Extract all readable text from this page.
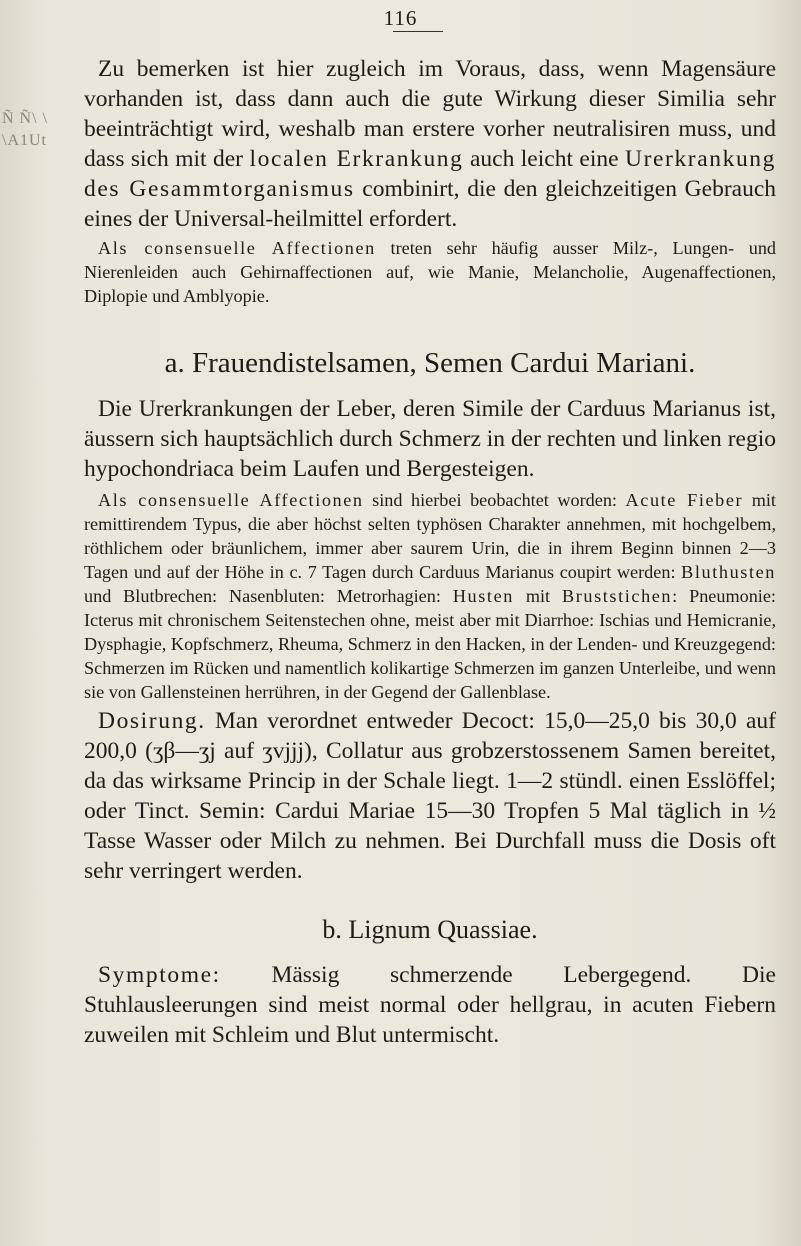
116
Ñ Ñ\ \ \A1Ut

Zu bemerken ist hier zugleich im Voraus, dass, wenn Magensäure vorhanden ist, dass dann auch die gute Wirkung dieser Similia sehr beeinträchtigt wird, weshalb man erstere vorher neutralisiren muss, und dass sich mit der localen Erkrankung auch leicht eine Urerkrankung des Gesammtorganismus combinirt, die den gleichzeitigen Gebrauch eines der Universal-heilmittel erfordert.

Als consensuelle Affectionen treten sehr häufig ausser Milz-, Lungen- und Nierenleiden auch Gehirnaffectionen auf, wie Manie, Melancholie, Augenaffectionen, Diplopie und Amblyopie.

a. Frauendistelsamen, Semen Cardui Mariani.

Die Urerkrankungen der Leber, deren Simile der Carduus Marianus ist, äussern sich hauptsächlich durch Schmerz in der rechten und linken regio hypochondriaca beim Laufen und Bergesteigen.

Als consensuelle Affectionen sind hierbei beobachtet worden: Acute Fieber mit remittirendem Typus, die aber höchst selten typhösen Charakter annehmen, mit hochgelbem, röthlichem oder bräunlichem, immer aber saurem Urin, die in ihrem Beginn binnen 2—3 Tagen und auf der Höhe in c. 7 Tagen durch Carduus Marianus coupirt werden: Bluthusten und Blutbrechen: Nasenbluten: Metrorhagien: Husten mit Bruststichen: Pneumonie: Icterus mit chronischem Seitenstechen ohne, meist aber mit Diarrhoe: Ischias und Hemicranie, Dysphagie, Kopfschmerz, Rheuma, Schmerz in den Hacken, in der Lenden- und Kreuzgegend: Schmerzen im Rücken und namentlich kolikartige Schmerzen im ganzen Unterleibe, und wenn sie von Gallensteinen herrühren, in der Gegend der Gallenblase.

Dosirung. Man verordnet entweder Decoct: 15,0—25,0 bis 30,0 auf 200,0 (ʒβ—ʒj auf ʒvjjj), Collatur aus grobzerstossenem Samen bereitet, da das wirksame Princip in der Schale liegt. 1—2 stündl. einen Esslöffel; oder Tinct. Semin: Cardui Mariae 15—30 Tropfen 5 Mal täglich in ½ Tasse Wasser oder Milch zu nehmen. Bei Durchfall muss die Dosis oft sehr verringert werden.

b. Lignum Quassiae.

Symptome: Mässig schmerzende Lebergegend. Die Stuhlausleerungen sind meist normal oder hellgrau, in acuten Fiebern zuweilen mit Schleim und Blut untermischt.
